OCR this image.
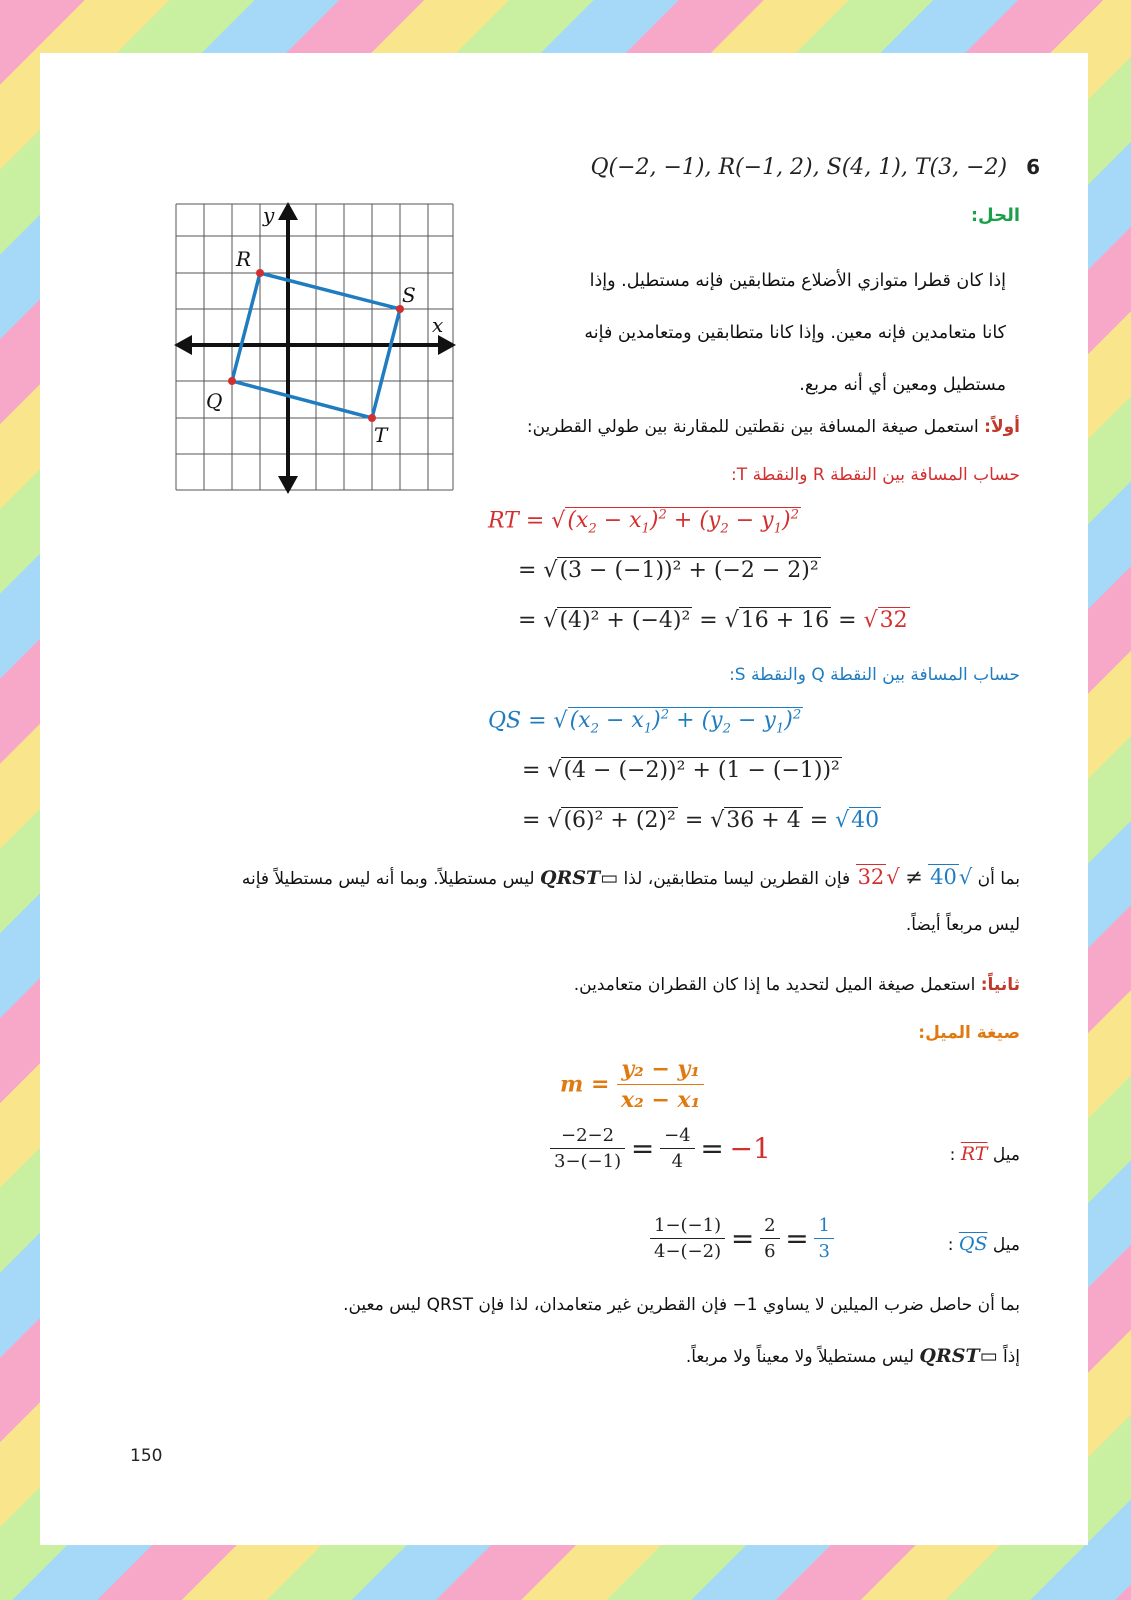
Q(−2, −1), R(−1, 2), S(4, 1), T(3, −2) 6
x
y
R
S
T
Q
الحل:
إذا كان قطرا متوازي الأضلاع متطابقين فإنه مستطيل. وإذا
كانا متعامدين فإنه معين. وإذا كانا متطابقين ومتعامدين فإنه
مستطيل ومعين أي أنه مربع.
أولاً: استعمل صيغة المسافة بين نقطتين للمقارنة بين طولي القطرين:
حساب المسافة بين النقطة R والنقطة T:
RT = $√(x_2 - x_1)^2 + (y_2 - y_1)^2$
= √(3 − (−1))² + (−2 − 2)²
= √(4)² + (−4)² = √16 + 16 = √32
حساب المسافة بين النقطة Q والنقطة S:
QS = $√(x_2 - x_1)^2 + (y_2 - y_1)^2$
= √(4 − (−2))² + (1 − (−1))²
= √(6)² + (2)² = √36 + 4 = √40
بما أن √40 ≠ √32 فإن القطرين ليسا متطابقين، لذا ▭QRST ليس مستطيلاً. وبما أنه ليس مستطيلاً فإنه
ليس مربعاً أيضاً.
ثانياً: استعمل صيغة الميل لتحديد ما إذا كان القطران متعامدين.
صيغة الميل:
$m = \frac{\text{y₂ − y₁}}{\text{x₂ − x₁}}$
ميل RT :
$\frac{-2-2}{3-(-1)} = \frac{-4}{4} = -1$
ميل QS :
$\frac{1-(-1)}{4-(-2)} = \frac{2}{6} = \frac{1}{3}$
بما أن حاصل ضرب الميلين لا يساوي 1− فإن القطرين غير متعامدان، لذا فإن QRST ليس معين.
إذاً ▭QRST ليس مستطيلاً ولا معيناً ولا مربعاً.
150
